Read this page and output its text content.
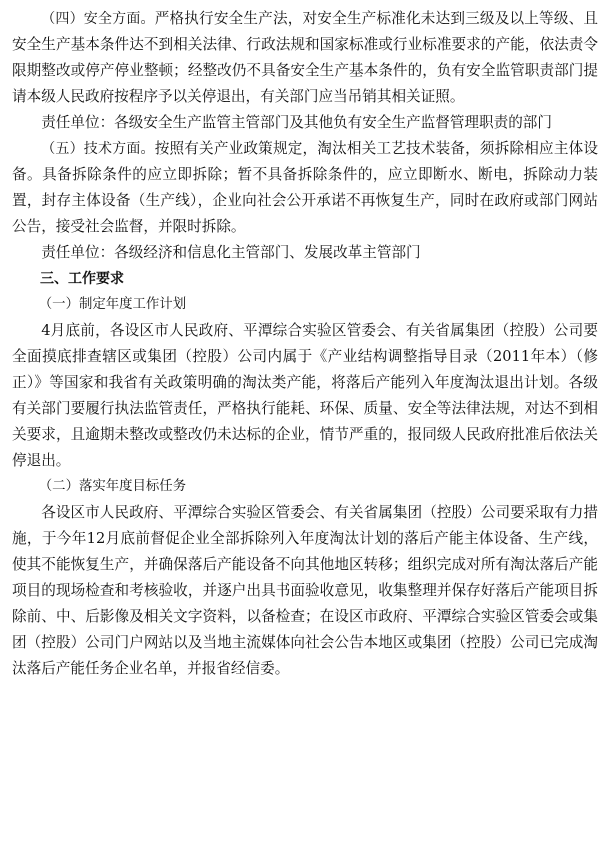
（四）安全方面。严格执行安全生产法，对安全生产标准化未达到三级及以上等级、且安全生产基本条件达不到相关法律、行政法规和国家标准或行业标准要求的产能，依法责令限期整改或停产停业整顿；经整改仍不具备安全生产基本条件的，负有安全监管职责部门提请本级人民政府按程序予以关停退出，有关部门应当吊销其相关证照。

责任单位：各级安全生产监管主管部门及其他负有安全生产监督管理职责的部门

（五）技术方面。按照有关产业政策规定，淘汰相关工艺技术装备，须拆除相应主体设备。具备拆除条件的应立即拆除；暂不具备拆除条件的，应立即断水、断电，拆除动力装置，封存主体设备（生产线），企业向社会公开承诺不再恢复生产，同时在政府或部门网站公告，接受社会监督，并限时拆除。

责任单位：各级经济和信息化主管部门、发展改革主管部门

三、工作要求

（一）制定年度工作计划

4月底前，各设区市人民政府、平潭综合实验区管委会、有关省属集团（控股）公司要全面摸底排查辖区或集团（控股）公司内属于《产业结构调整指导目录（2011年本）（修正）》等国家和我省有关政策明确的淘汰类产能，将落后产能列入年度淘汰退出计划。各级有关部门要履行执法监管责任，严格执行能耗、环保、质量、安全等法律法规，对达不到相关要求，且逾期未整改或整改仍未达标的企业，情节严重的，报同级人民政府批准后依法关停退出。

（二）落实年度目标任务

各设区市人民政府、平潭综合实验区管委会、有关省属集团（控股）公司要采取有力措施，于今年12月底前督促企业全部拆除列入年度淘汰计划的落后产能主体设备、生产线，使其不能恢复生产，并确保落后产能设备不向其他地区转移；组织完成对所有淘汰落后产能项目的现场检查和考核验收，并逐户出具书面验收意见，收集整理并保存好落后产能项目拆除前、中、后影像及相关文字资料，以备检查；在设区市政府、平潭综合实验区管委会或集团（控股）公司门户网站以及当地主流媒体向社会公告本地区或集团（控股）公司已完成淘汰落后产能任务企业名单，并报省经信委。
